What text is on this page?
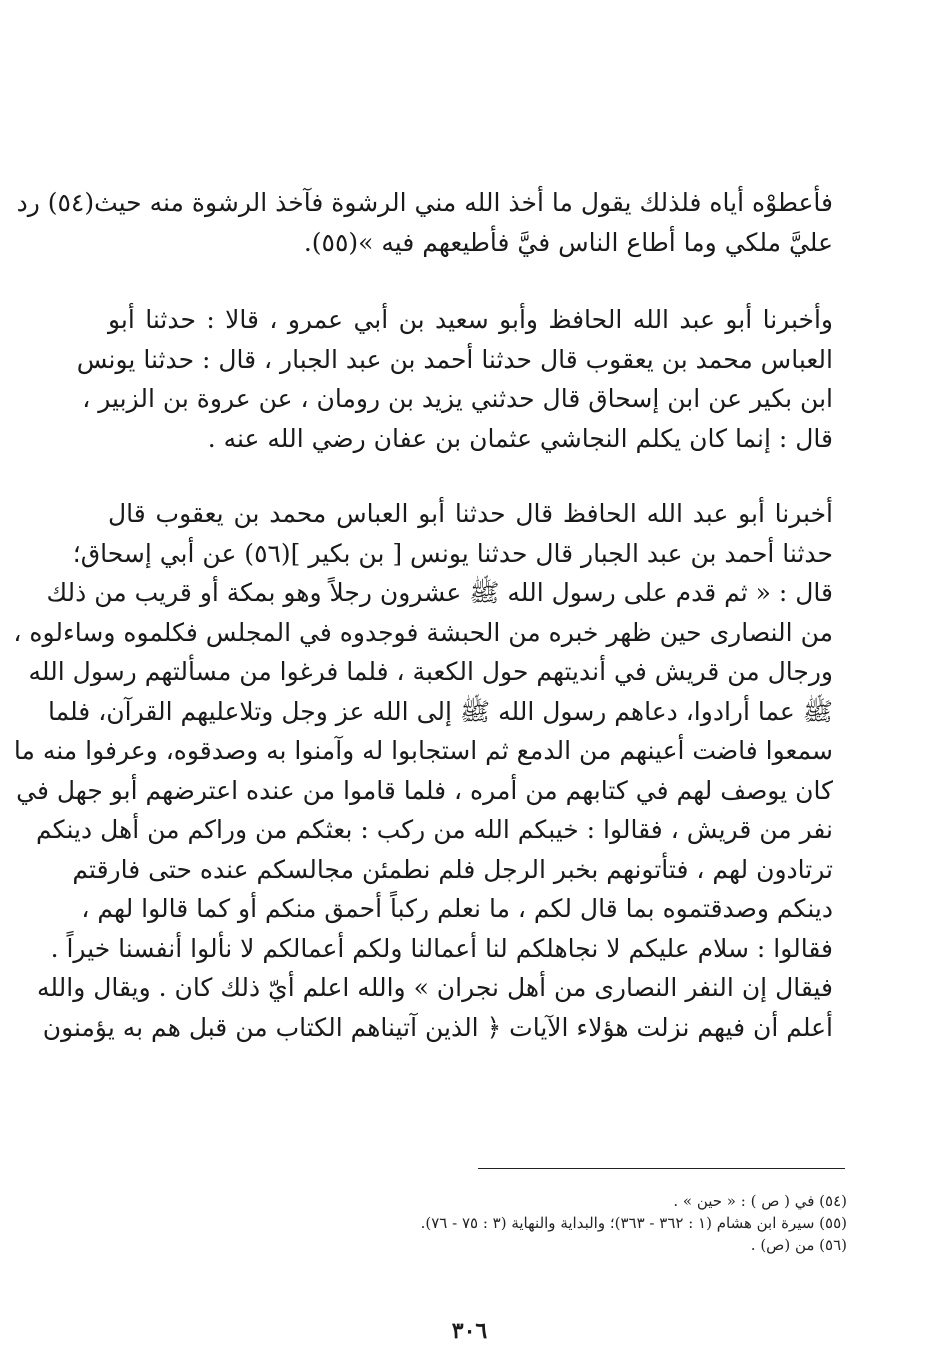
فأعطوْه أياه فلذلك يقول ما أخذ الله مني الرشوة فآخذ الرشوة منه حيث(٥٤) رد
عليَّ ملكي وما أطاع الناس فيَّ فأطيعهم فيه »(٥٥).
وأخبرنا أبو عبد الله الحافظ وأبو سعيد بن أبي عمرو ، قالا : حدثنا أبو
العباس محمد بن يعقوب قال حدثنا أحمد بن عبد الجبار ، قال : حدثنا يونس
ابن بكير عن ابن إسحاق قال حدثني يزيد بن رومان ، عن عروة بن الزبير ،
قال : إنما كان يكلم النجاشي عثمان بن عفان رضي الله عنه .
أخبرنا أبو عبد الله الحافظ قال حدثنا أبو العباس محمد بن يعقوب قال
حدثنا أحمد بن عبد الجبار قال حدثنا يونس [ بن بكير ](٥٦) عن أبي إسحاق؛
قال : « ثم قدم على رسول الله ﷺ عشرون رجلاً وهو بمكة أو قريب من ذلك
من النصارى حين ظهر خبره من الحبشة فوجدوه في المجلس فكلموه وساءلوه ،
ورجال من قريش في أنديتهم حول الكعبة ، فلما فرغوا من مسألتهم رسول الله
ﷺ عما أرادوا، دعاهم رسول الله ﷺ إلى الله عز وجل وتلاعليهم القرآن، فلما
سمعوا فاضت أعينهم من الدمع ثم استجابوا له وآمنوا به وصدقوه، وعرفوا منه ما
كان يوصف لهم في كتابهم من أمره ، فلما قاموا من عنده اعترضهم أبو جهل في
نفر من قريش ، فقالوا : خيبكم الله من ركب : بعثكم من وراكم من أهل دينكم
ترتادون لهم ، فتأتونهم بخبر الرجل فلم نطمئن مجالسكم عنده حتى فارقتم
دينكم وصدقتموه بما قال لكم ، ما نعلم ركباً أحمق منكم أو كما قالوا لهم ،
فقالوا : سلام عليكم لا نجاهلكم لنا أعمالنا ولكم أعمالكم لا نألوا أنفسنا خيراً .
فيقال إن النفر النصارى من أهل نجران » والله اعلم أيّ ذلك كان . ويقال والله
أعلم أن فيهم نزلت هؤلاء الآيات ﴿ الذين آتيناهم الكتاب من قبل هم به يؤمنون
(٥٤) في ( ص ) : « حين » .
(٥٥) سيرة ابن هشام (١ : ٣٦٢ - ٣٦٣)؛ والبداية والنهاية (٣ : ٧٥ - ٧٦).
(٥٦) من (ص) .
٣٠٦
